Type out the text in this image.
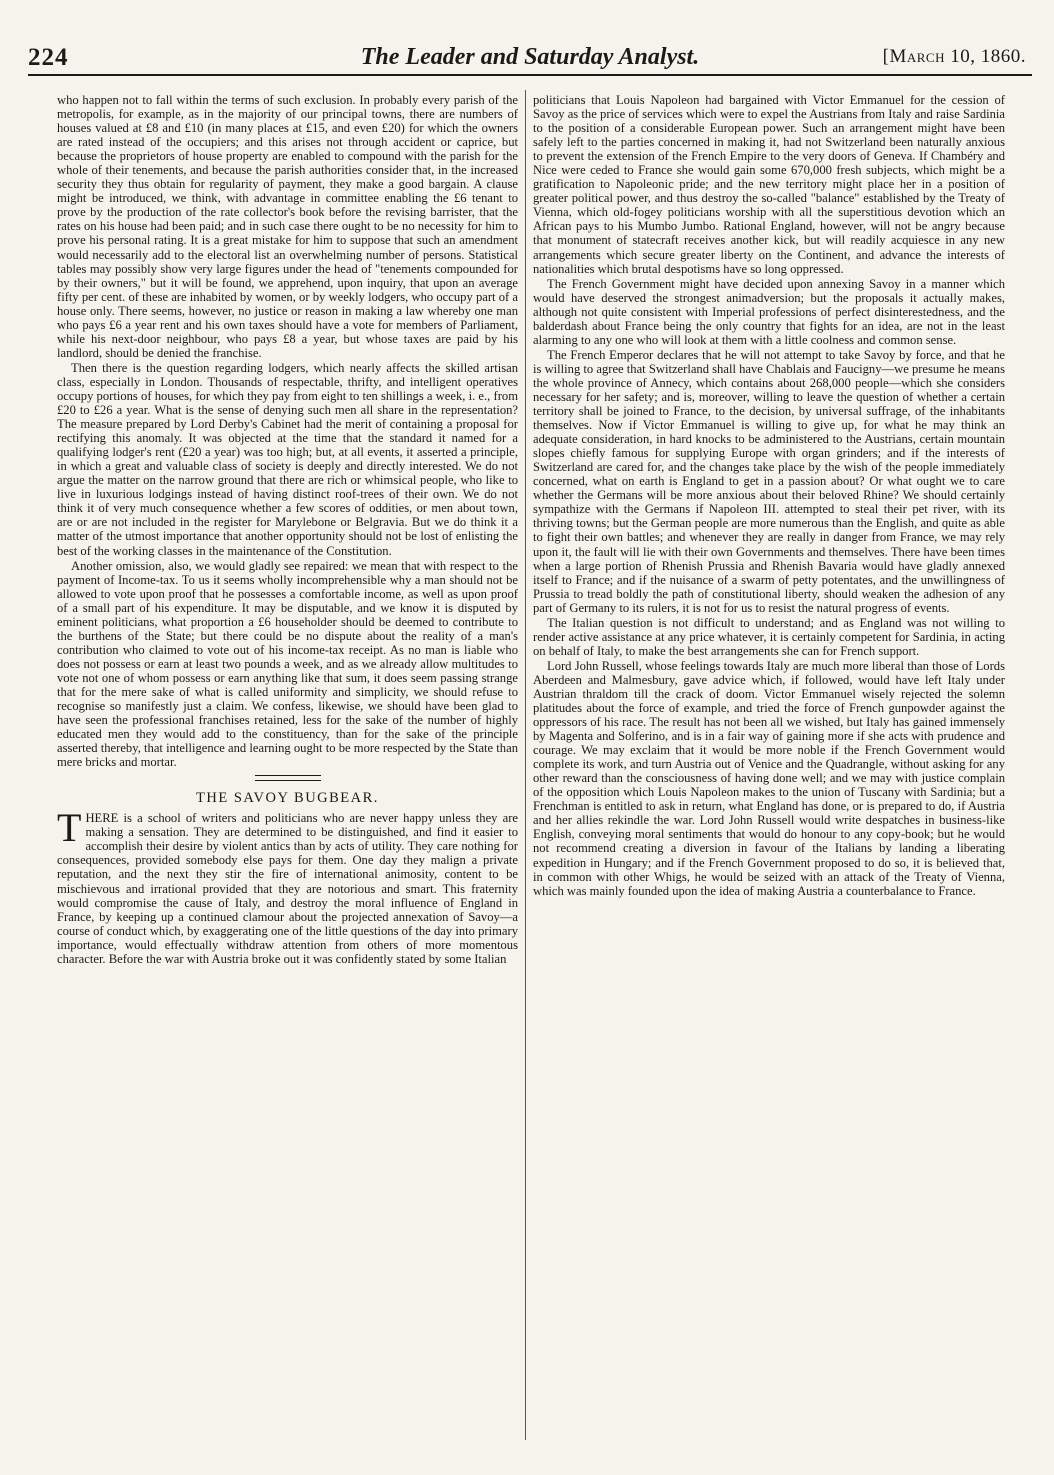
224	The Leader and Saturday Analyst.	[March 10, 1860.

who happen not to fall within the terms of such exclusion. In probably every parish of the metropolis, for example, as in the majority of our principal towns, there are numbers of houses valued at £8 and £10 (in many places at £15, and even £20) for which the owners are rated instead of the occupiers; and this arises not through accident or caprice, but because the proprietors of house property are enabled to compound with the parish for the whole of their tenements, and because the parish authorities consider that, in the increased security they thus obtain for regularity of payment, they make a good bargain. A clause might be introduced, we think, with advantage in committee enabling the £6 tenant to prove by the production of the rate collector's book before the revising barrister, that the rates on his house had been paid; and in such case there ought to be no necessity for him to prove his personal rating. It is a great mistake for him to suppose that such an amendment would necessarily add to the electoral list an overwhelming number of persons. Statistical tables may possibly show very large figures under the head of "tenements compounded for by their owners," but it will be found, we apprehend, upon inquiry, that upon an average fifty per cent. of these are inhabited by women, or by weekly lodgers, who occupy part of a house only. There seems, however, no justice or reason in making a law whereby one man who pays £6 a year rent and his own taxes should have a vote for members of Parliament, while his next-door neighbour, who pays £8 a year, but whose taxes are paid by his landlord, should be denied the franchise.

Then there is the question regarding lodgers, which nearly affects the skilled artisan class, especially in London. Thousands of respectable, thrifty, and intelligent operatives occupy portions of houses, for which they pay from eight to ten shillings a week, i. e., from £20 to £26 a year. What is the sense of denying such men all share in the representation? The measure prepared by Lord Derby's Cabinet had the merit of containing a proposal for rectifying this anomaly. It was objected at the time that the standard it named for a qualifying lodger's rent (£20 a year) was too high; but, at all events, it asserted a principle, in which a great and valuable class of society is deeply and directly interested. We do not argue the matter on the narrow ground that there are rich or whimsical people, who like to live in luxurious lodgings instead of having distinct roof-trees of their own. We do not think it of very much consequence whether a few scores of oddities, or men about town, are or are not included in the register for Marylebone or Belgravia. But we do think it a matter of the utmost importance that another opportunity should not be lost of enlisting the best of the working classes in the maintenance of the Constitution.

Another omission, also, we would gladly see repaired: we mean that with respect to the payment of Income-tax. To us it seems wholly incomprehensible why a man should not be allowed to vote upon proof that he possesses a comfortable income, as well as upon proof of a small part of his expenditure. It may be disputable, and we know it is disputed by eminent politicians, what proportion a £6 householder should be deemed to contribute to the burthens of the State; but there could be no dispute about the reality of a man's contribution who claimed to vote out of his income-tax receipt. As no man is liable who does not possess or earn at least two pounds a week, and as we already allow multitudes to vote not one of whom possess or earn anything like that sum, it does seem passing strange that for the mere sake of what is called uniformity and simplicity, we should refuse to recognise so manifestly just a claim. We confess, likewise, we should have been glad to have seen the professional franchises retained, less for the sake of the number of highly educated men they would add to the constituency, than for the sake of the principle asserted thereby, that intelligence and learning ought to be more respected by the State than mere bricks and mortar.

THE SAVOY BUGBEAR.

THERE is a school of writers and politicians who are never happy unless they are making a sensation. They are determined to be distinguished, and find it easier to accomplish their desire by violent antics than by acts of utility. They care nothing for consequences, provided somebody else pays for them. One day they malign a private reputation, and the next they stir the fire of international animosity, content to be mischievous and irrational provided that they are notorious and smart. This fraternity would compromise the cause of Italy, and destroy the moral influence of England in France, by keeping up a continued clamour about the projected annexation of Savoy—a course of conduct which, by exaggerating one of the little questions of the day into primary importance, would effectually withdraw attention from others of more momentous character. Before the war with Austria broke out it was confidently stated by some Italian

politicians that Louis Napoleon had bargained with Victor Emmanuel for the cession of Savoy as the price of services which were to expel the Austrians from Italy and raise Sardinia to the position of a considerable European power. Such an arrangement might have been safely left to the parties concerned in making it, had not Switzerland been naturally anxious to prevent the extension of the French Empire to the very doors of Geneva. If Chambéry and Nice were ceded to France she would gain some 670,000 fresh subjects, which might be a gratification to Napoleonic pride; and the new territory might place her in a position of greater political power, and thus destroy the so-called "balance" established by the Treaty of Vienna, which old-fogey politicians worship with all the superstitious devotion which an African pays to his Mumbo Jumbo. Rational England, however, will not be angry because that monument of statecraft receives another kick, but will readily acquiesce in any new arrangements which secure greater liberty on the Continent, and advance the interests of nationalities which brutal despotisms have so long oppressed.

The French Government might have decided upon annexing Savoy in a manner which would have deserved the strongest animadversion; but the proposals it actually makes, although not quite consistent with Imperial professions of perfect disinterestedness, and the balderdash about France being the only country that fights for an idea, are not in the least alarming to any one who will look at them with a little coolness and common sense.

The French Emperor declares that he will not attempt to take Savoy by force, and that he is willing to agree that Switzerland shall have Chablais and Faucigny—we presume he means the whole province of Annecy, which contains about 268,000 people—which she considers necessary for her safety; and is, moreover, willing to leave the question of whether a certain territory shall be joined to France, to the decision, by universal suffrage, of the inhabitants themselves. Now if Victor Emmanuel is willing to give up, for what he may think an adequate consideration, in hard knocks to be administered to the Austrians, certain mountain slopes chiefly famous for supplying Europe with organ grinders; and if the interests of Switzerland are cared for, and the changes take place by the wish of the people immediately concerned, what on earth is England to get in a passion about? Or what ought we to care whether the Germans will be more anxious about their beloved Rhine? We should certainly sympathize with the Germans if Napoleon III. attempted to steal their pet river, with its thriving towns; but the German people are more numerous than the English, and quite as able to fight their own battles; and whenever they are really in danger from France, we may rely upon it, the fault will lie with their own Governments and themselves. There have been times when a large portion of Rhenish Prussia and Rhenish Bavaria would have gladly annexed itself to France; and if the nuisance of a swarm of petty potentates, and the unwillingness of Prussia to tread boldly the path of constitutional liberty, should weaken the adhesion of any part of Germany to its rulers, it is not for us to resist the natural progress of events.

The Italian question is not difficult to understand; and as England was not willing to render active assistance at any price whatever, it is certainly competent for Sardinia, in acting on behalf of Italy, to make the best arrangements she can for French support.

Lord John Russell, whose feelings towards Italy are much more liberal than those of Lords Aberdeen and Malmesbury, gave advice which, if followed, would have left Italy under Austrian thraldom till the crack of doom. Victor Emmanuel wisely rejected the solemn platitudes about the force of example, and tried the force of French gunpowder against the oppressors of his race. The result has not been all we wished, but Italy has gained immensely by Magenta and Solferino, and is in a fair way of gaining more if she acts with prudence and courage. We may exclaim that it would be more noble if the French Government would complete its work, and turn Austria out of Venice and the Quadrangle, without asking for any other reward than the consciousness of having done well; and we may with justice complain of the opposition which Louis Napoleon makes to the union of Tuscany with Sardinia; but a Frenchman is entitled to ask in return, what England has done, or is prepared to do, if Austria and her allies rekindle the war. Lord John Russell would write despatches in business-like English, conveying moral sentiments that would do honour to any copy-book; but he would not recommend creating a diversion in favour of the Italians by landing a liberating expedition in Hungary; and if the French Government proposed to do so, it is believed that, in common with other Whigs, he would be seized with an attack of the Treaty of Vienna, which was mainly founded upon the idea of making Austria a counterbalance to France.
